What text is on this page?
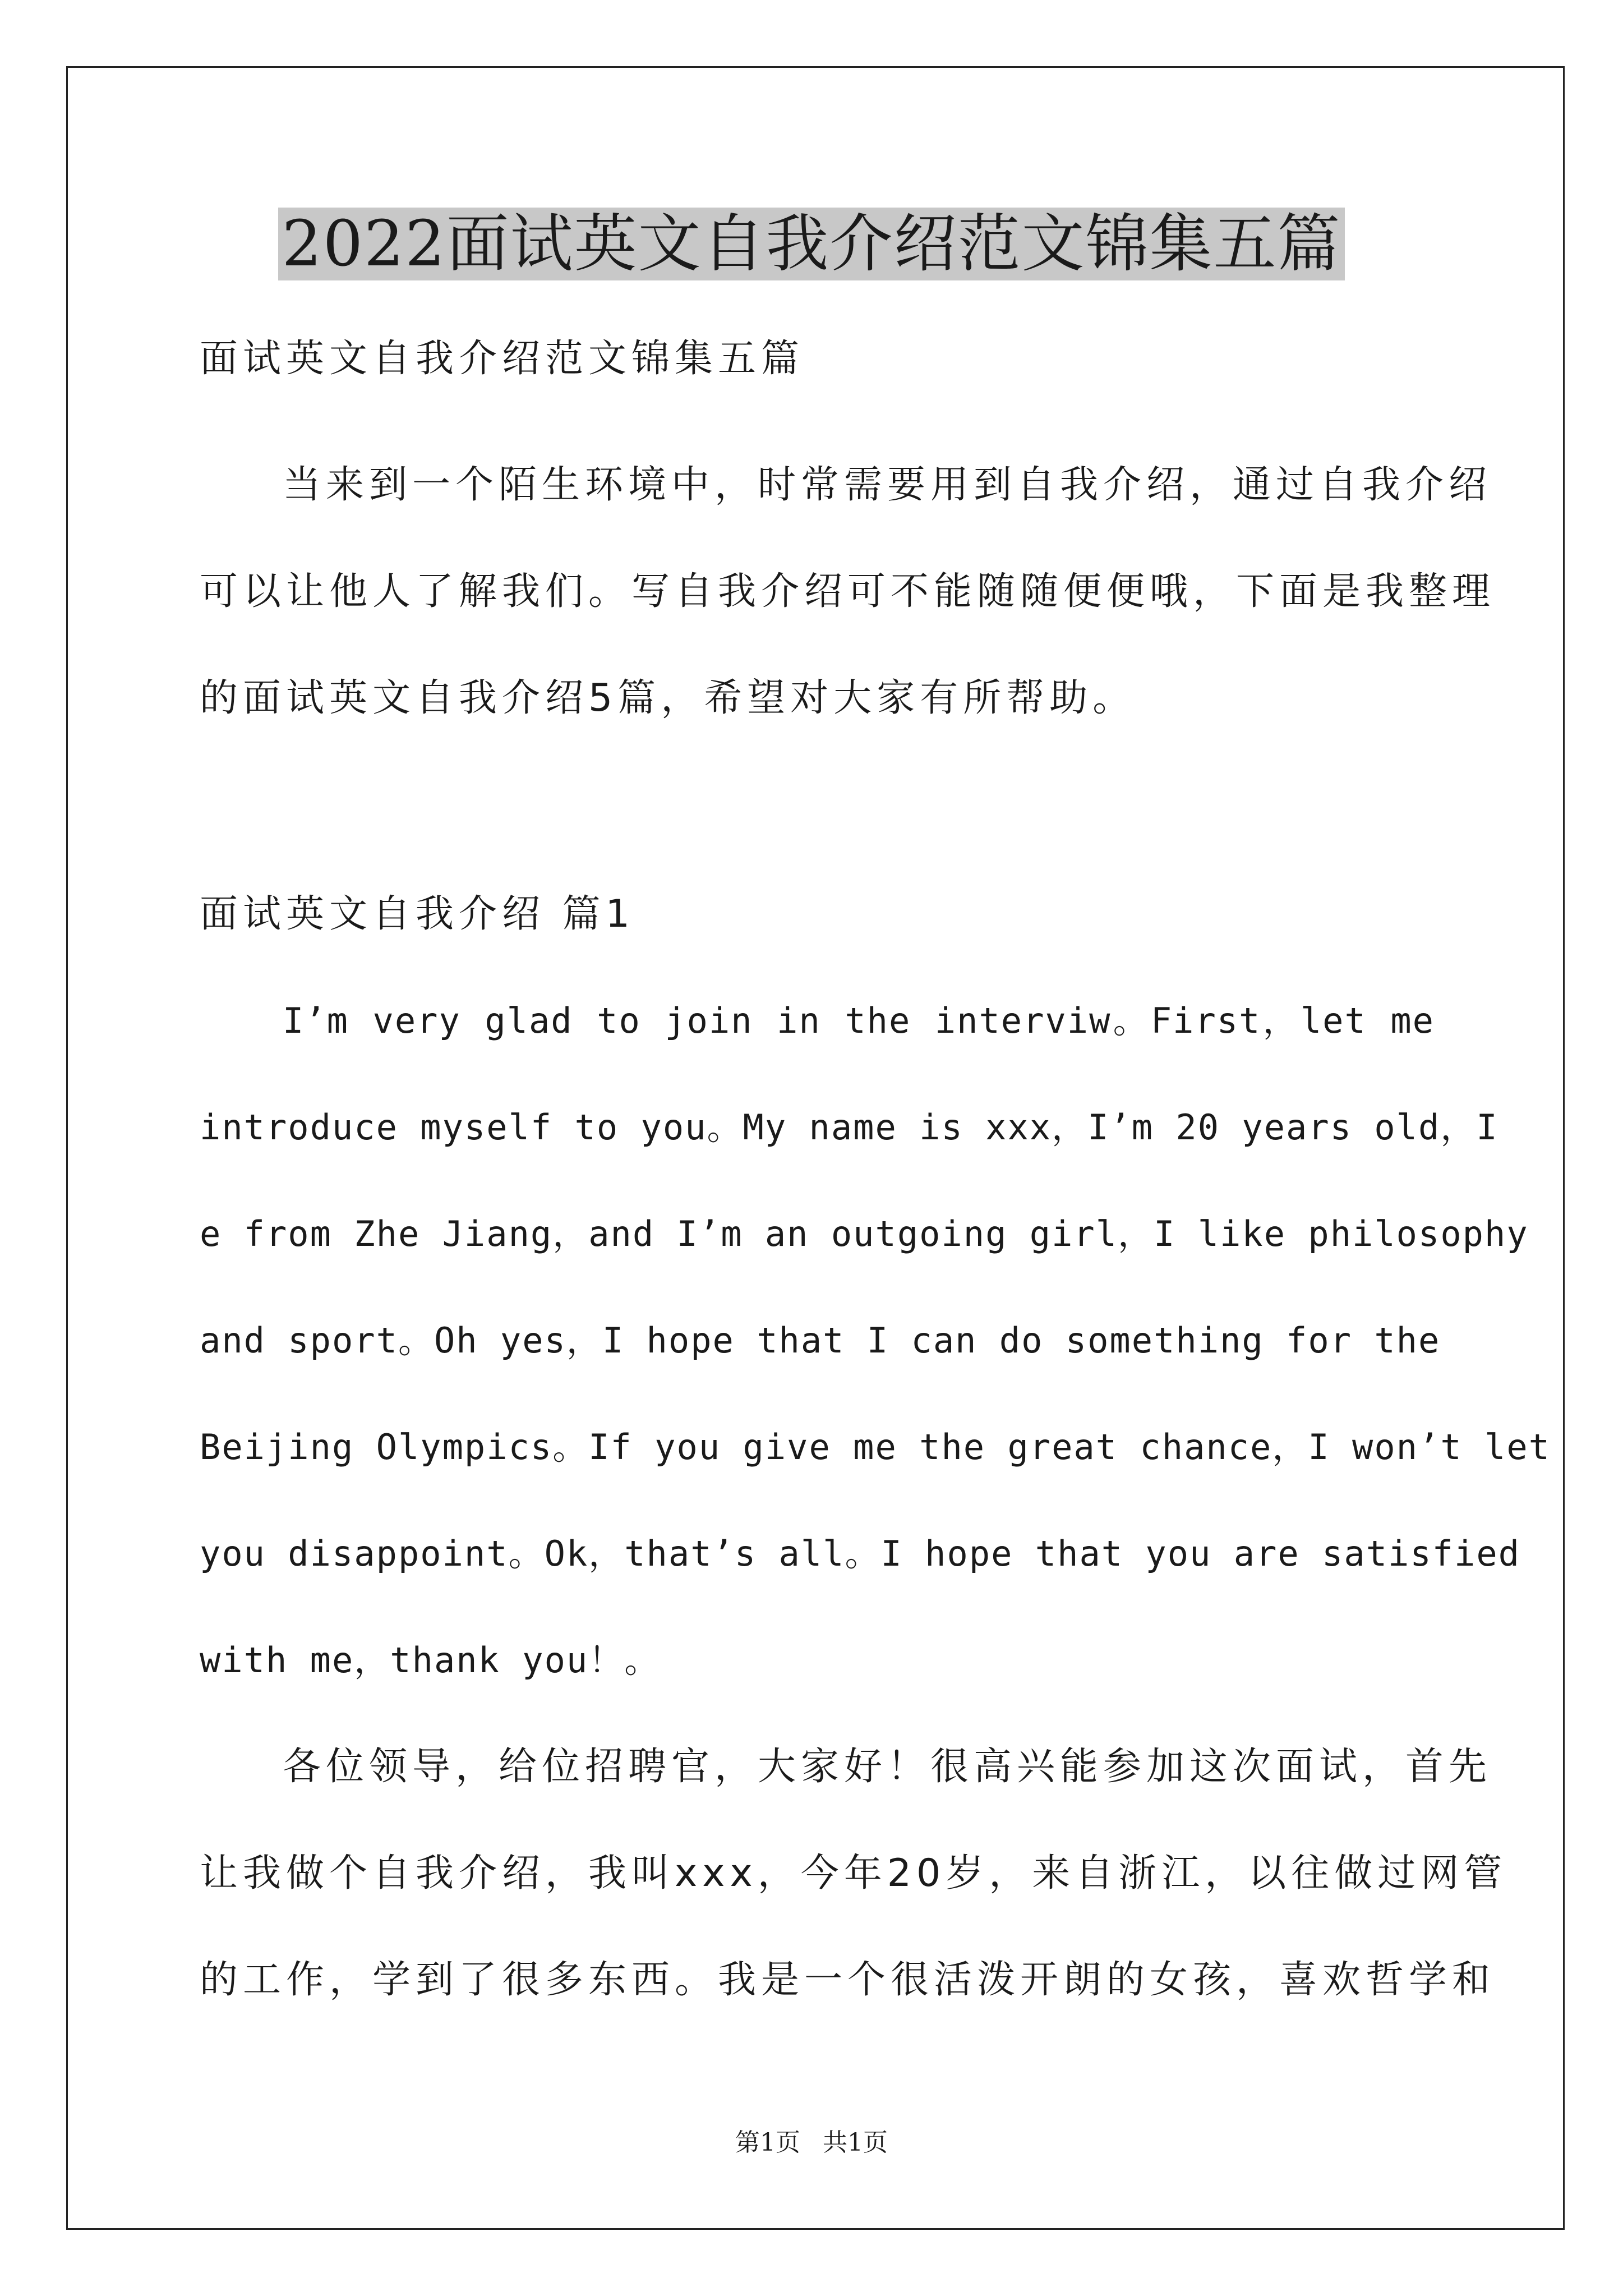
2022面试英文自我介绍范文锦集五篇
面试英文自我介绍范文锦集五篇
当来到一个陌生环境中，时常需要用到自我介绍，通过自我介绍
可以让他人了解我们。写自我介绍可不能随随便便哦，下面是我整理
的面试英文自我介绍5篇，希望对大家有所帮助。
面试英文自我介绍 篇1
I’m very glad to join in the interviw。First，let me
introduce myself to you。My name is xxx，I’m 20 years old，I
e from Zhe Jiang，and I’m an outgoing girl，I like philosophy
and sport。Oh yes，I hope that I can do something for the
Beijing Olympics。If you give me the great chance，I won’t let
you disappoint。Ok，that’s all。I hope that you are satisfied
with me，thank you！。
各位领导，给位招聘官，大家好！很高兴能参加这次面试，首先
让我做个自我介绍，我叫xxx，今年20岁，来自浙江，以往做过网管
的工作，学到了很多东西。我是一个很活泼开朗的女孩，喜欢哲学和
第1页 共1页
